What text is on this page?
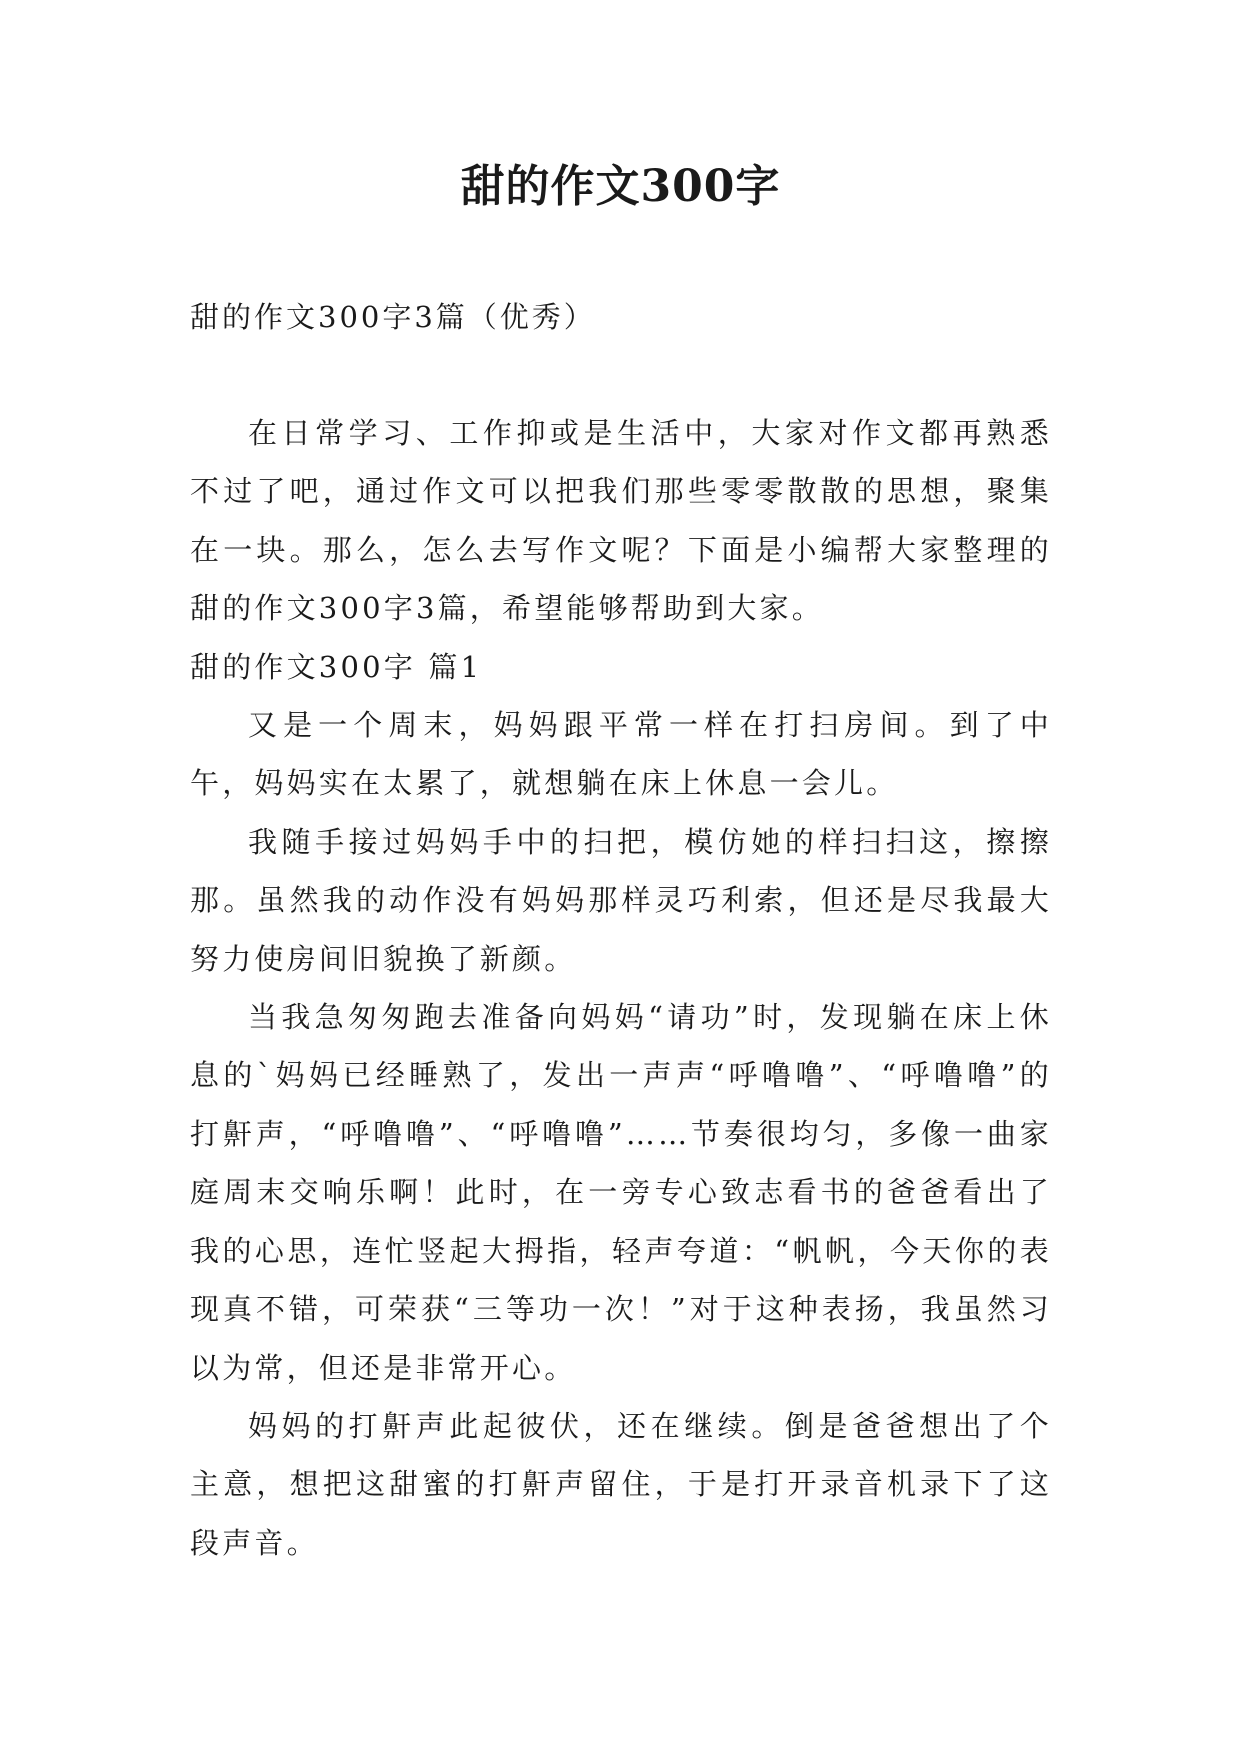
甜的作文300字

甜的作文300字3篇（优秀）

在日常学习、工作抑或是生活中，大家对作文都再熟悉不过了吧，通过作文可以把我们那些零零散散的思想，聚集在一块。那么，怎么去写作文呢？下面是小编帮大家整理的甜的作文300字3篇，希望能够帮助到大家。

甜的作文300字 篇1

又是一个周末，妈妈跟平常一样在打扫房间。到了中午，妈妈实在太累了，就想躺在床上休息一会儿。

我随手接过妈妈手中的扫把，模仿她的样扫扫这，擦擦那。虽然我的动作没有妈妈那样灵巧利索，但还是尽我最大努力使房间旧貌换了新颜。

当我急匆匆跑去准备向妈妈“请功”时，发现躺在床上休息的`妈妈已经睡熟了，发出一声声“呼噜噜”、“呼噜噜”的打鼾声，“呼噜噜”、“呼噜噜”……节奏很均匀，多像一曲家庭周末交响乐啊！此时，在一旁专心致志看书的爸爸看出了我的心思，连忙竖起大拇指，轻声夸道：“帆帆，今天你的表现真不错，可荣获“三等功一次！”对于这种表扬，我虽然习以为常，但还是非常开心。

妈妈的打鼾声此起彼伏，还在继续。倒是爸爸想出了个主意，想把这甜蜜的打鼾声留住，于是打开录音机录下了这段声音。
